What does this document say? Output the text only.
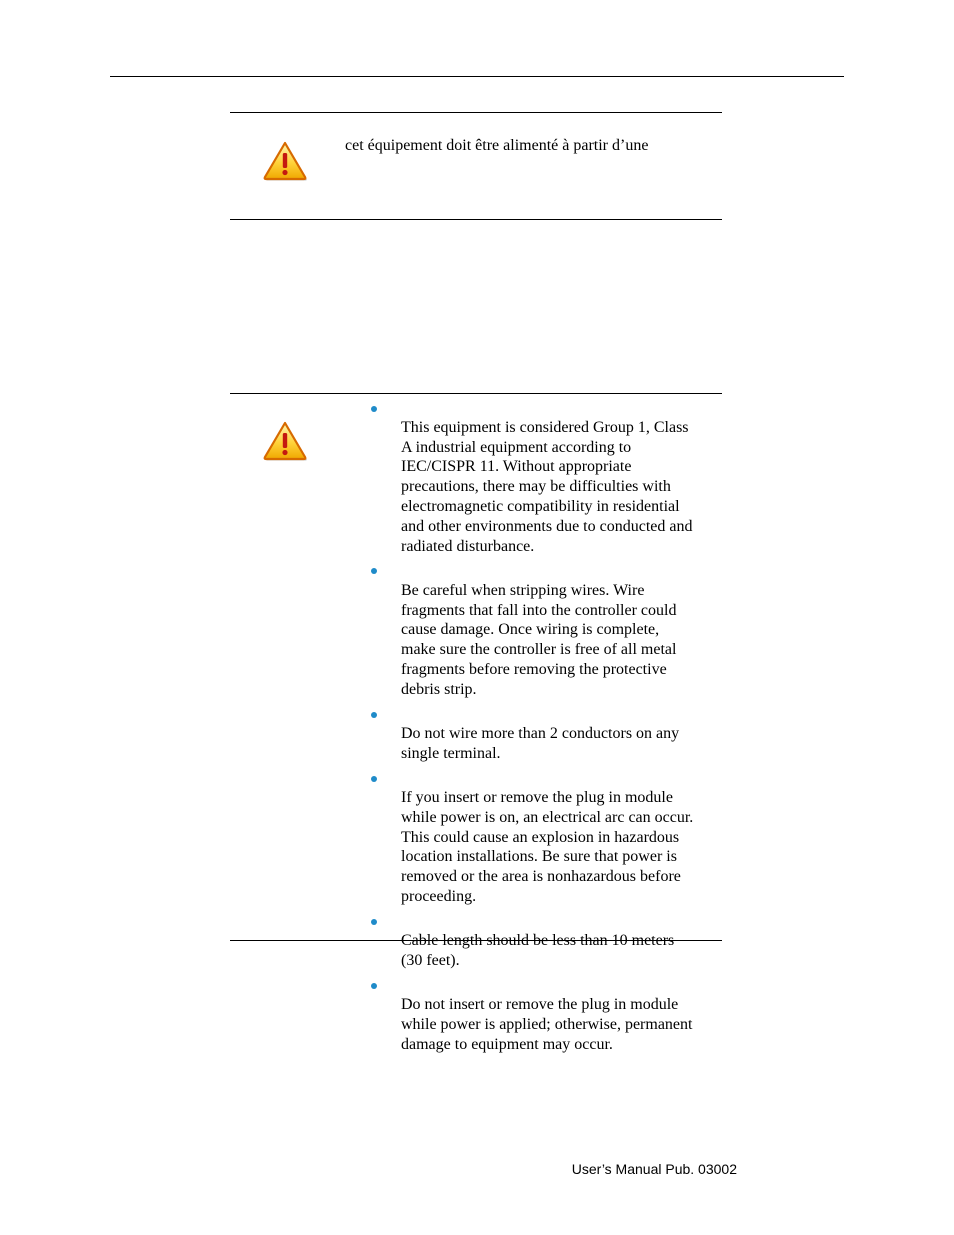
cet équipement doit être alimenté à partir d’une

This equipment is considered Group 1, Class
A industrial equipment according to
IEC/CISPR 11. Without appropriate
precautions, there may be difficulties with
electromagnetic compatibility in residential
and other environments due to conducted and
radiated disturbance.

Be careful when stripping wires. Wire
fragments that fall into the controller could
cause damage. Once wiring is complete,
make sure the controller is free of all metal
fragments before removing the protective
debris strip.

Do not wire more than 2 conductors on any
single terminal.

If you insert or remove the plug in module
while power is on, an electrical arc can occur.
This could cause an explosion in hazardous
location installations. Be sure that power is
removed or the area is nonhazardous before
proceeding.

Cable length should be less than 10 meters
(30 feet).

Do not insert or remove the plug in module
while power is applied; otherwise, permanent
damage to equipment may occur.

User’s Manual Pub. 03002
